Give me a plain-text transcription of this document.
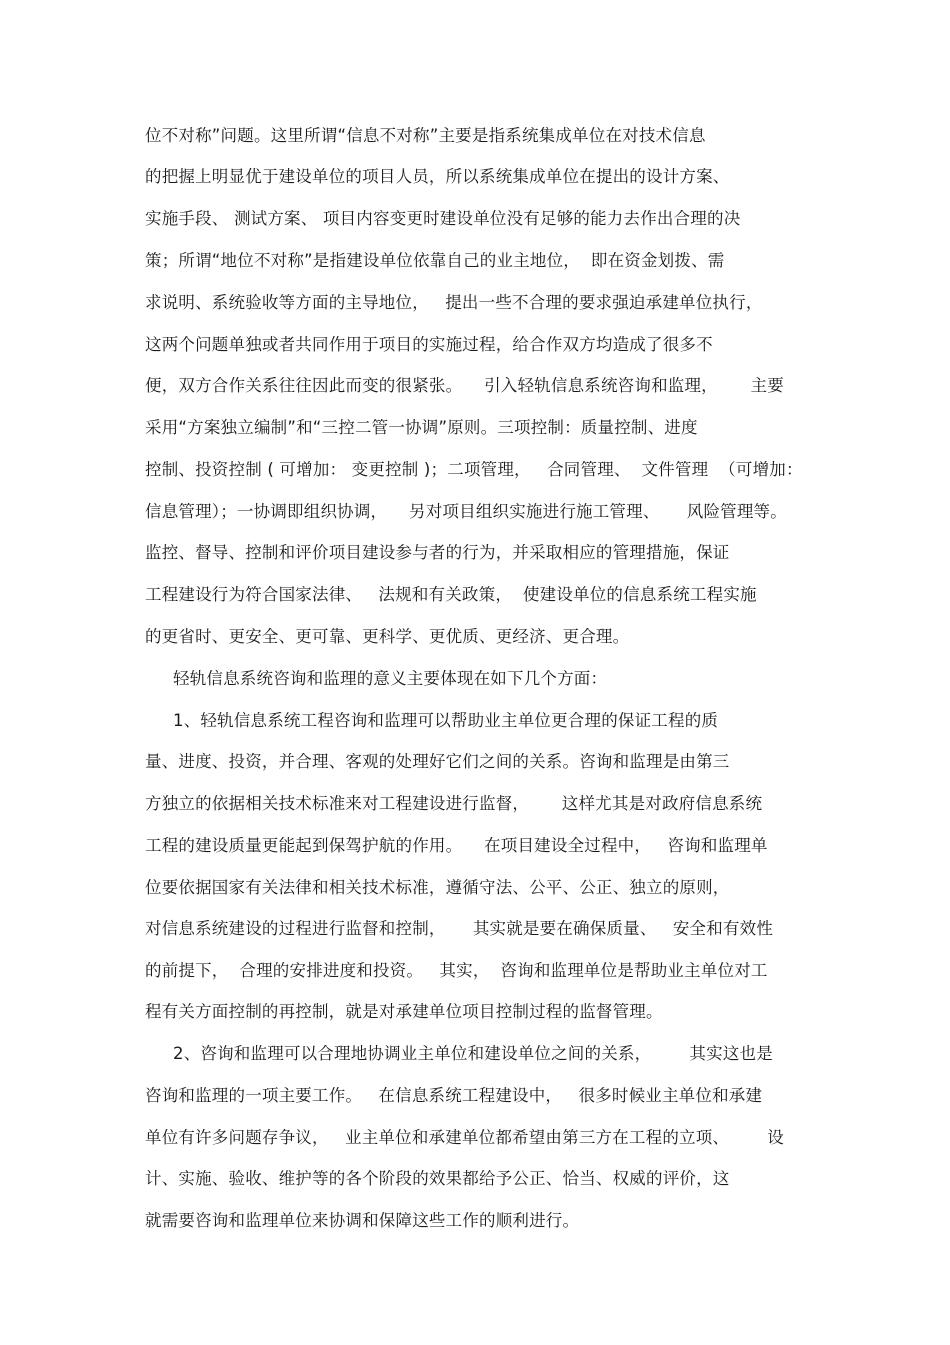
位不对称”问题。这里所谓“信息不对称”主要是指系统集成单位在对技术信息
的把握上明显优于建设单位的项目人员，所以系统集成单位在提出的设计方案、
实施手段、 测试方案、 项目内容变更时建设单位没有足够的能力去作出合理的决
策；所谓“地位不对称”是指建设单位依靠自己的业主地位，  即在资金划拨、需
求说明、系统验收等方面的主导地位，   提出一些不合理的要求强迫承建单位执行，
这两个问题单独或者共同作用于项目的实施过程，给合作双方均造成了很多不
便，双方合作关系往往因此而变的很紧张。    引入轻轨信息系统咨询和监理，      主要
采用“方案独立编制”和“三控二管一协调”原则。三项控制：质量控制、进度
控制、投资控制 ( 可增加： 变更控制 )；二项管理，   合同管理、  文件管理  （可增加：
信息管理）；一协调即组织协调，    另对项目组织实施进行施工管理、     风险管理等。
监控、督导、控制和评价项目建设参与者的行为，并采取相应的管理措施，保证
工程建设行为符合国家法律、   法规和有关政策，  使建设单位的信息系统工程实施
的更省时、更安全、更可靠、更科学、更优质、更经济、更合理。
轻轨信息系统咨询和监理的意义主要体现在如下几个方面：
1、轻轨信息系统工程咨询和监理可以帮助业主单位更合理的保证工程的质
量、进度、投资，并合理、客观的处理好它们之间的关系。咨询和监理是由第三
方独立的依据相关技术标准来对工程建设进行监督，      这样尤其是对政府信息系统
工程的建设质量更能起到保驾护航的作用。    在项目建设全过程中，   咨询和监理单
位要依据国家有关法律和相关技术标准，遵循守法、公平、公正、独立的原则，
对信息系统建设的过程进行监督和控制，     其实就是要在确保质量、   安全和有效性
的前提下，  合理的安排进度和投资。   其实，  咨询和监理单位是帮助业主单位对工
程有关方面控制的再控制，就是对承建单位项目控制过程的监督管理。
2、咨询和监理可以合理地协调业主单位和建设单位之间的关系，       其实这也是
咨询和监理的一项主要工作。   在信息系统工程建设中，   很多时候业主单位和承建
单位有许多问题存争议，   业主单位和承建单位都希望由第三方在工程的立项、       设
计、实施、验收、维护等的各个阶段的效果都给予公正、恰当、权威的评价，这
就需要咨询和监理单位来协调和保障这些工作的顺利进行。
